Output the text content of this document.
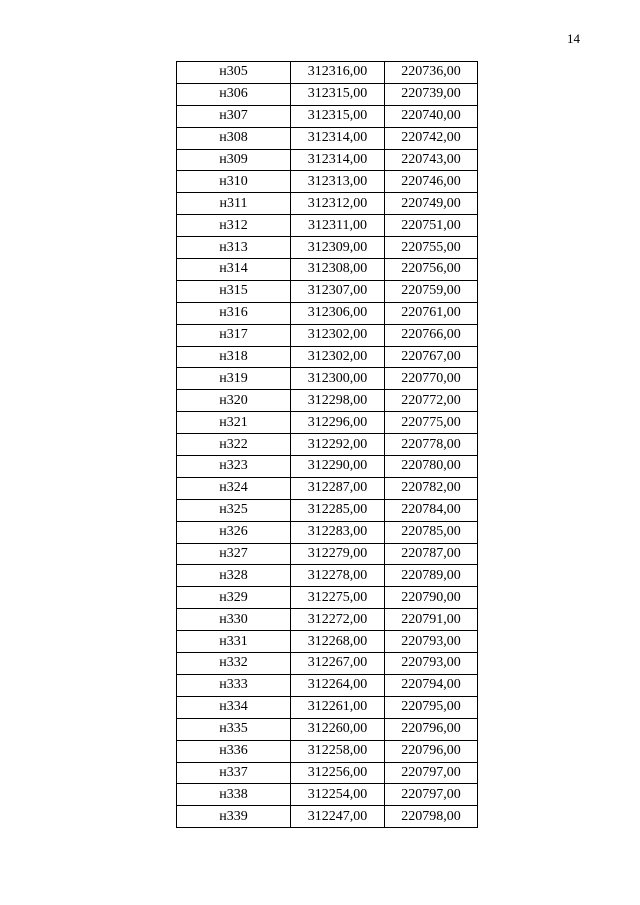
14
н305	312316,00	220736,00
н306	312315,00	220739,00
н307	312315,00	220740,00
н308	312314,00	220742,00
н309	312314,00	220743,00
н310	312313,00	220746,00
н311	312312,00	220749,00
н312	312311,00	220751,00
н313	312309,00	220755,00
н314	312308,00	220756,00
н315	312307,00	220759,00
н316	312306,00	220761,00
н317	312302,00	220766,00
н318	312302,00	220767,00
н319	312300,00	220770,00
н320	312298,00	220772,00
н321	312296,00	220775,00
н322	312292,00	220778,00
н323	312290,00	220780,00
н324	312287,00	220782,00
н325	312285,00	220784,00
н326	312283,00	220785,00
н327	312279,00	220787,00
н328	312278,00	220789,00
н329	312275,00	220790,00
н330	312272,00	220791,00
н331	312268,00	220793,00
н332	312267,00	220793,00
н333	312264,00	220794,00
н334	312261,00	220795,00
н335	312260,00	220796,00
н336	312258,00	220796,00
н337	312256,00	220797,00
н338	312254,00	220797,00
н339	312247,00	220798,00
